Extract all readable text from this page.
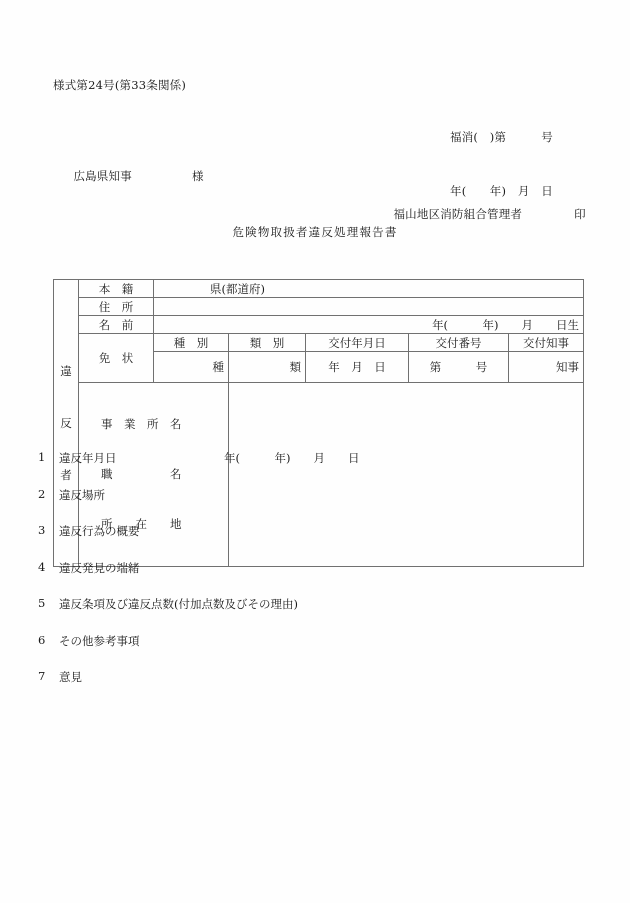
様式第24号(第33条関係)

福消(　)第　　　号

年(　　年)　月　日

広島県知事	様

福山地区消防組合管理者	印

危険物取扱者違反処理報告書

違

反

者	本　籍	県(都道府)				
	住　所					
	名　前	年(　　　年)　　月　　日生				
	免　状	種　別	類　別	交付年月日	交付番号	交付知事
		種	類	年　月　日	第　　　号	知事

	事　業　所　名

職　　　　　名

所　　在　　地					

1 違反年月日	年(　　　年)　　月　　日
2 違反場所
3 違反行為の概要
4 違反発見の端緒
5 違反条項及び違反点数(付加点数及びその理由)
6 その他参考事項
7 意見
